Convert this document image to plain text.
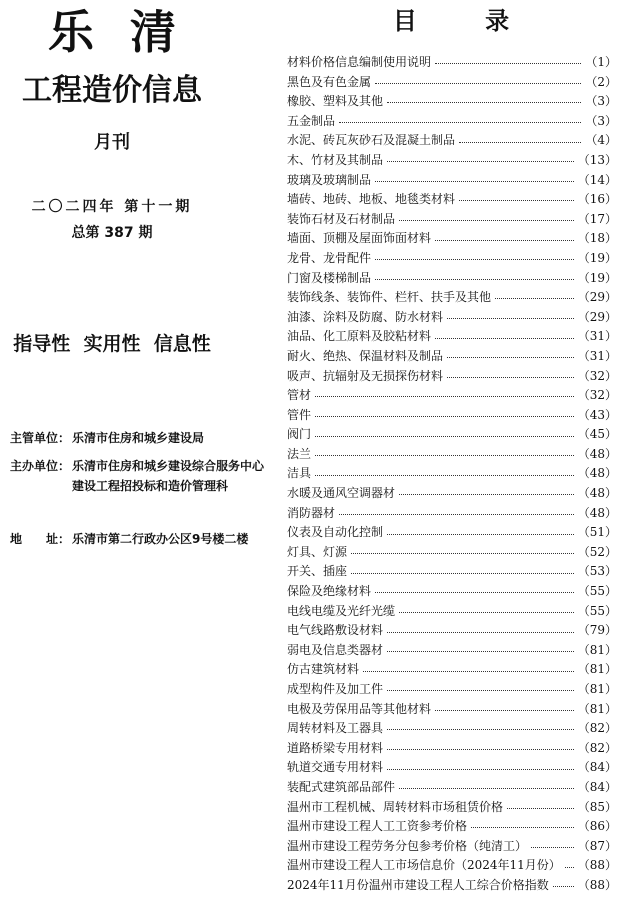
乐 清
工程造价信息
月刊
二〇二四年 第十一期
总第 387 期
指导性  实用性  信息性
主管单位： 乐清市住房和城乡建设局
主办单位： 乐清市住房和城乡建设综合服务中心
建设工程招投标和造价管理科
地　　址： 乐清市第二行政办公区9号楼二楼
目 录
材料价格信息编制使用说明	（1）
黑色及有色金属	（2）
橡胶、塑料及其他	（3）
五金制品	（3）
水泥、砖瓦灰砂石及混凝土制品	（4）
木、竹材及其制品	（13）
玻璃及玻璃制品	（14）
墙砖、地砖、地板、地毯类材料	（16）
装饰石材及石材制品	（17）
墙面、顶棚及屋面饰面材料	（18）
龙骨、龙骨配件	（19）
门窗及楼梯制品	（19）
装饰线条、装饰件、栏杆、扶手及其他	（29）
油漆、涂料及防腐、防水材料	（29）
油品、化工原料及胶粘材料	（31）
耐火、绝热、保温材料及制品	（31）
吸声、抗辐射及无损探伤材料	（32）
管材	（32）
管件	（43）
阀门	（45）
法兰	（48）
洁具	（48）
水暖及通风空调器材	（48）
消防器材	（48）
仪表及自动化控制	（51）
灯具、灯源	（52）
开关、插座	（53）
保险及绝缘材料	（55）
电线电缆及光纤光缆	（55）
电气线路敷设材料	（79）
弱电及信息类器材	（81）
仿古建筑材料	（81）
成型构件及加工件	（81）
电极及劳保用品等其他材料	（81）
周转材料及工器具	（82）
道路桥梁专用材料	（82）
轨道交通专用材料	（84）
装配式建筑部品部件	（84）
温州市工程机械、周转材料市场租赁价格	（85）
温州市建设工程人工工资参考价格	（86）
温州市建设工程劳务分包参考价格（纯清工）	（87）
温州市建设工程人工市场信息价（2024年11月份） （88）
2024年11月份温州市建设工程人工综合价格指数 （88）
